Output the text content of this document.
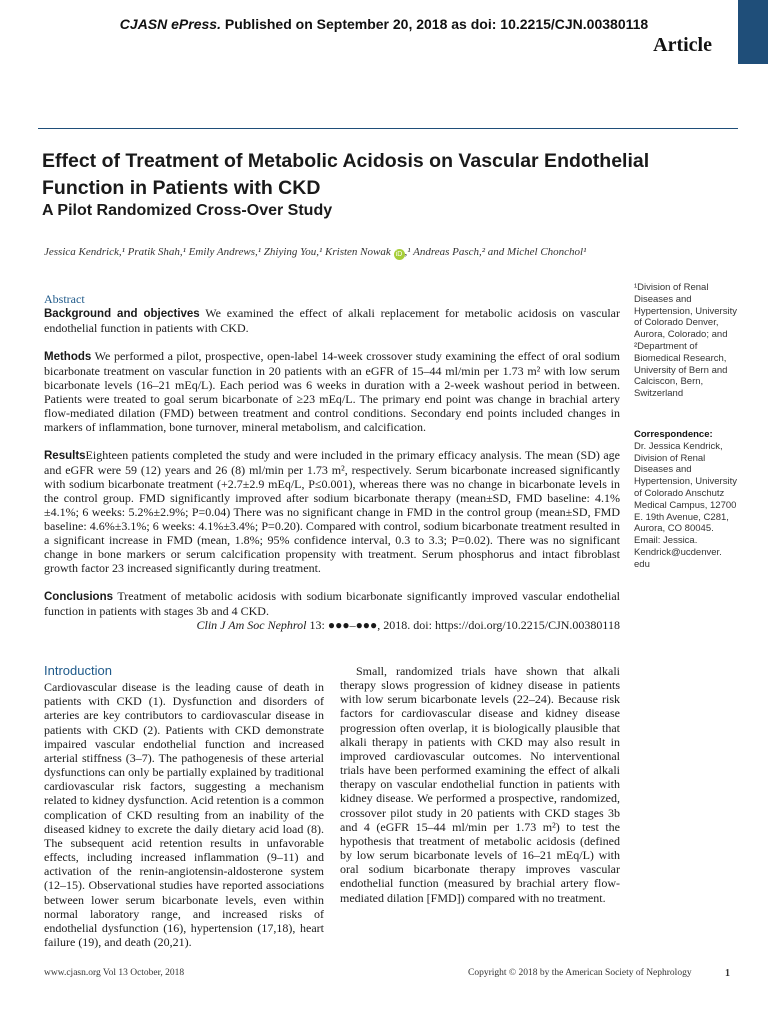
CJASN ePress. Published on September 20, 2018 as doi: 10.2215/CJN.00380118
Article
Effect of Treatment of Metabolic Acidosis on Vascular Endothelial Function in Patients with CKD
A Pilot Randomized Cross-Over Study
Jessica Kendrick,¹ Pratik Shah,¹ Emily Andrews,¹ Zhiying You,¹ Kristen Nowak iD ,¹ Andreas Pasch,² and Michel Chonchol¹
Abstract

Background and objectives We examined the effect of alkali replacement for metabolic acidosis on vascular endothelial function in patients with CKD.

Methods We performed a pilot, prospective, open-label 14-week crossover study examining the effect of oral sodium bicarbonate treatment on vascular function in 20 patients with an eGFR of 15–44 ml/min per 1.73 m² with low serum bicarbonate levels (16–21 mEq/L). Each period was 6 weeks in duration with a 2-week washout period in between. Patients were treated to goal serum bicarbonate of ≥23 mEq/L. The primary end point was change in brachial artery flow-mediated dilation (FMD) between treatment and control conditions. Secondary end points included changes in markers of inflammation, bone turnover, mineral metabolism, and calcification.

ResultsEighteen patients completed the study and were included in the primary efficacy analysis. The mean (SD) age and eGFR were 59 (12) years and 26 (8) ml/min per 1.73 m², respectively. Serum bicarbonate increased significantly with sodium bicarbonate treatment (+2.7±2.9 mEq/L, P≤0.001), whereas there was no change in bicarbonate levels in the control group. FMD significantly improved after sodium bicarbonate therapy (mean±SD, FMD baseline: 4.1%±4.1%; 6 weeks: 5.2%±2.9%; P=0.04) There was no significant change in FMD in the control group (mean±SD, FMD baseline: 4.6%±3.1%; 6 weeks: 4.1%±3.4%; P=0.20). Compared with control, sodium bicarbonate treatment resulted in a significant increase in FMD (mean, 1.8%; 95% confidence interval, 0.3 to 3.3; P=0.02). There was no significant change in bone markers or serum calcification propensity with treatment. Serum phosphorus and intact fibroblast growth factor 23 increased significantly during treatment.

Conclusions Treatment of metabolic acidosis with sodium bicarbonate significantly improved vascular endothelial function in patients with stages 3b and 4 CKD.

Clin J Am Soc Nephrol 13: ●●●–●●●, 2018. doi: https://doi.org/10.2215/CJN.00380118
¹Division of Renal Diseases and Hypertension, University of Colorado Denver, Aurora, Colorado; and
²Department of Biomedical Research, University of Bern and Calciscon, Bern, Switzerland
Correspondence:
Dr. Jessica Kendrick, Division of Renal Diseases and Hypertension, University of Colorado Anschutz Medical Campus, 12700 E. 19th Avenue, C281, Aurora, CO 80045. Email: Jessica. Kendrick@ucdenver. edu
Introduction
Cardiovascular disease is the leading cause of death in patients with CKD (1). Dysfunction and disorders of arteries are key contributors to cardiovascular disease in patients with CKD (2). Patients with CKD demonstrate impaired vascular endothelial function and increased arterial stiffness (3–7). The pathogenesis of these arterial dysfunctions can only be partially explained by traditional cardiovascular risk factors, suggesting a mechanism related to kidney dysfunction. Acid retention is a common complication of CKD resulting from an inability of the diseased kidney to excrete the daily dietary acid load (8). The subsequent acid retention results in unfavorable effects, including increased inflammation (9–11) and activation of the renin-angiotensin-aldosterone system (12–15). Observational studies have reported associations between lower serum bicarbonate levels, even within normal laboratory range, and increased risks of endothelial dysfunction (16), hypertension (17,18), heart failure (19), and death (20,21).
Small, randomized trials have shown that alkali therapy slows progression of kidney disease in patients with low serum bicarbonate levels (22–24). Because risk factors for cardiovascular disease and kidney disease progression often overlap, it is biologically plausible that alkali therapy in patients with CKD may also result in improved cardiovascular outcomes. No interventional trials have been performed examining the effect of alkali therapy on vascular endothelial function in patients with kidney disease. We performed a prospective, randomized, crossover pilot study in 20 patients with CKD stages 3b and 4 (eGFR 15–44 ml/min per 1.73 m²) to test the hypothesis that treatment of metabolic acidosis (defined by low serum bicarbonate levels of 16–21 mEq/L) with oral sodium bicarbonate therapy improves vascular endothelial function (measured by brachial artery flow-mediated dilation [FMD]) compared with no treatment.
www.cjasn.org Vol 13 October, 2018	Copyright © 2018 by the American Society of Nephrology	1
